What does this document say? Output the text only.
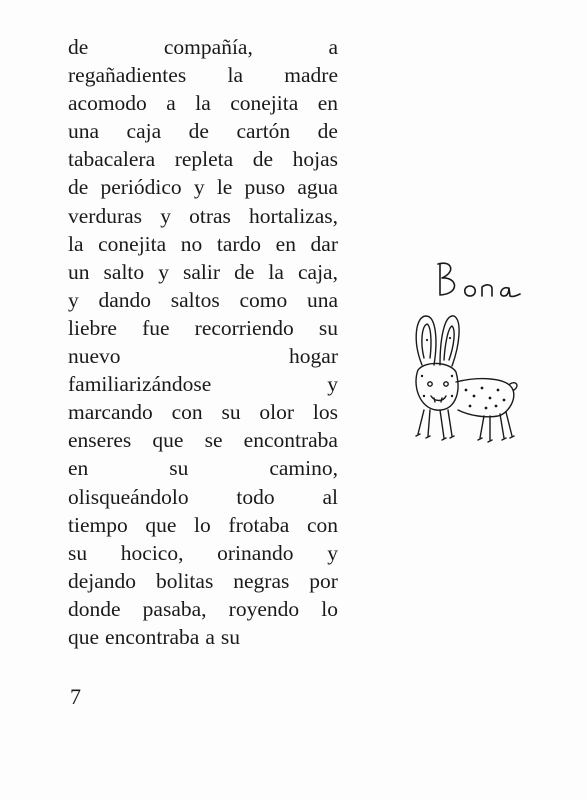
de	compañía,	a
regañadientes la madre
acomodo a la conejita en
una caja de cartón de
tabacalera repleta de hojas
de periódico y le puso agua
verduras y otras hortalizas,
la conejita no tardo en dar
un salto y salir de la caja,
y dando saltos como una
liebre fue recorriendo su
nuevo	hogar
familiarizándose	y
marcando con su olor los
enseres que se encontraba
en	su	camino,
olisqueándolo todo al
tiempo que lo frotaba con
su hocico, orinando y
dejando bolitas negras por
donde pasaba, royendo lo
que encontraba a su
7
